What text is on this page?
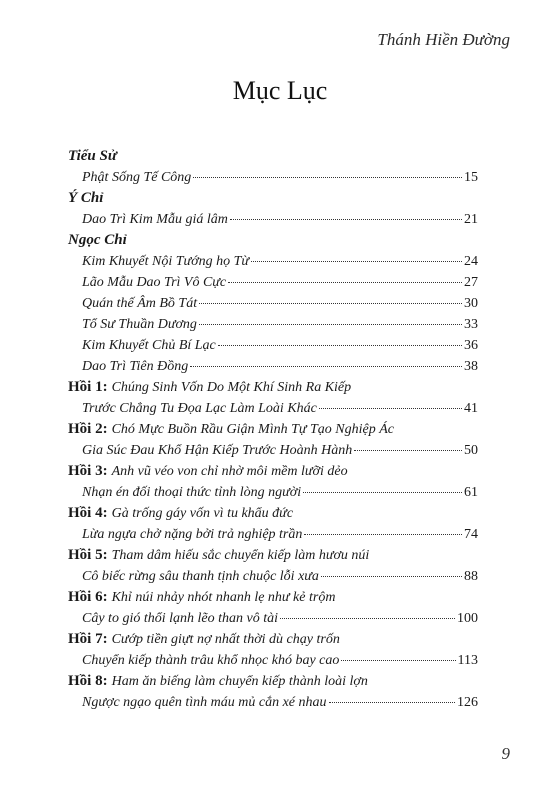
Thánh Hiền Đường
Mục Lục
Tiểu Sử
Phật Sống Tế Công	15
Ý Chỉ
Dao Trì Kim Mẫu giá lâm	21
Ngọc Chỉ
Kim Khuyết Nội Tướng họ Từ	24
Lão Mẫu Dao Trì Vô Cực	27
Quán thế Âm Bồ Tát	30
Tổ Sư Thuần Dương	33
Kim Khuyết Chủ Bí Lạc	36
Dao Trì Tiên Đồng	38
Hồi 1: Chúng Sinh Vốn Do Một Khí Sinh Ra Kiếp
Trước Chẳng Tu Đọa Lạc Làm Loài Khác	41
Hồi 2: Chó Mực Buồn Rầu Giận Mình Tự Tạo Nghiệp Ác
Gia Súc Đau Khổ Hận Kiếp Trước Hoành Hành	50
Hồi 3: Anh vũ véo von chỉ nhờ môi mềm lưỡi dẻo
Nhạn én đối thoại thức tỉnh lòng người	61
Hồi 4: Gà trống gáy vốn vì tu khẩu đức
Lừa ngựa chở nặng bởi trả nghiệp trần	74
Hồi 5: Tham dâm hiếu sắc chuyển kiếp làm hươu núi
Cô biếc rừng sâu thanh tịnh chuộc lỗi xưa	88
Hồi 6: Khỉ núi nhảy nhót nhanh lẹ như kẻ trộm
Cây to gió thổi lạnh lẽo than vô tài	100
Hồi 7: Cướp tiền giựt nợ nhất thời dù chạy trốn
Chuyển kiếp thành trâu khổ nhọc khó bay cao	113
Hồi 8: Ham ăn biếng làm chuyển kiếp thành loài lợn
Ngược ngạo quên tình máu mủ cắn xé nhau	126
9
